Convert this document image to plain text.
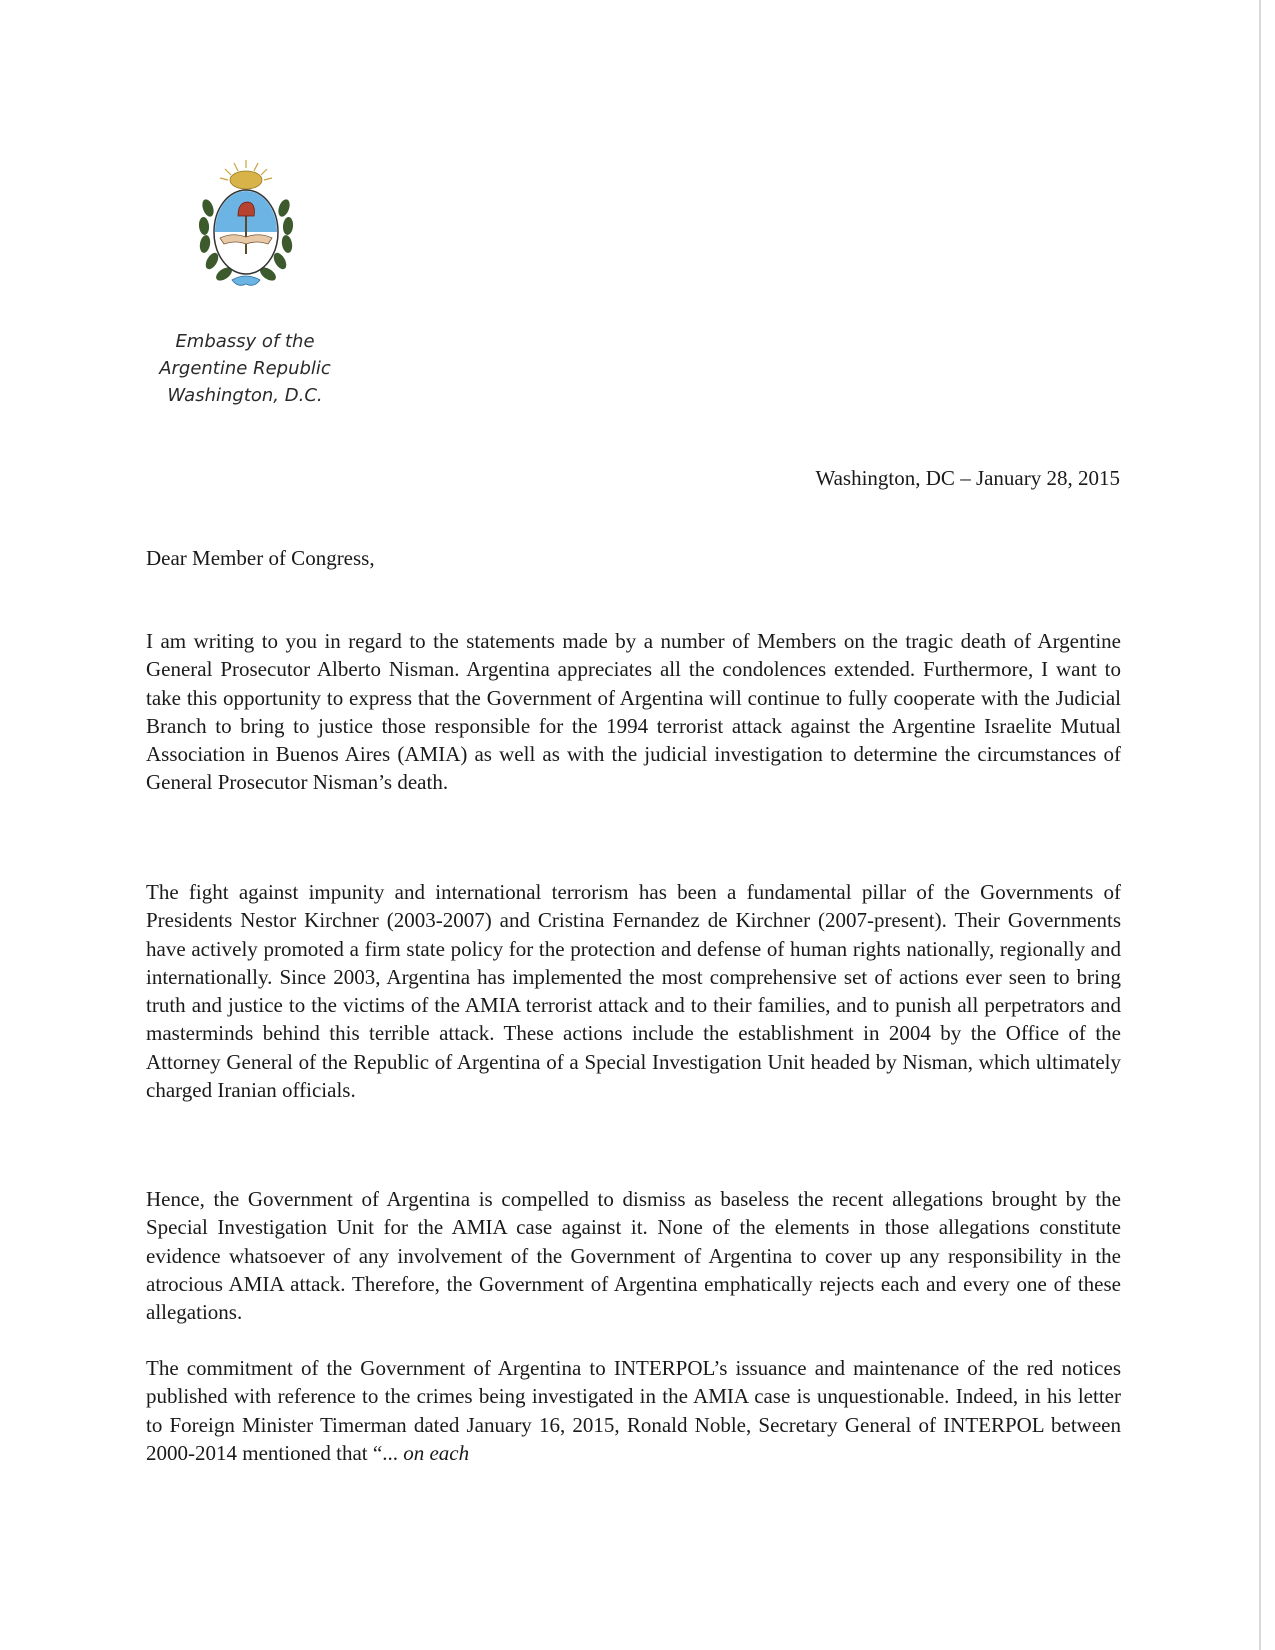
Embassy of the
Argentine Republic
Washington, D.C.
Washington, DC – January 28, 2015
Dear Member of Congress,

I am writing to you in regard to the statements made by a number of Members on the tragic death of Argentine General Prosecutor Alberto Nisman. Argentina appreciates all the condolences extended. Furthermore, I want to take this opportunity to express that the Government of Argentina will continue to fully cooperate with the Judicial Branch to bring to justice those responsible for the 1994 terrorist attack against the Argentine Israelite Mutual Association in Buenos Aires (AMIA) as well as with the judicial investigation to determine the circumstances of General Prosecutor Nisman’s death.

The fight against impunity and international terrorism has been a fundamental pillar of the Governments of Presidents Nestor Kirchner (2003-2007) and Cristina Fernandez de Kirchner (2007-present). Their Governments have actively promoted a firm state policy for the protection and defense of human rights nationally, regionally and internationally. Since 2003, Argentina has implemented the most comprehensive set of actions ever seen to bring truth and justice to the victims of the AMIA terrorist attack and to their families, and to punish all perpetrators and masterminds behind this terrible attack. These actions include the establishment in 2004 by the Office of the Attorney General of the Republic of Argentina of a Special Investigation Unit headed by Nisman, which ultimately charged Iranian officials.

Hence, the Government of Argentina is compelled to dismiss as baseless the recent allegations brought by the Special Investigation Unit for the AMIA case against it. None of the elements in those allegations constitute evidence whatsoever of any involvement of the Government of Argentina to cover up any responsibility in the atrocious AMIA attack. Therefore, the Government of Argentina emphatically rejects each and every one of these allegations.

The commitment of the Government of Argentina to INTERPOL’s issuance and maintenance of the red notices published with reference to the crimes being investigated in the AMIA case is unquestionable. Indeed, in his letter to Foreign Minister Timerman dated January 16, 2015, Ronald Noble, Secretary General of INTERPOL between 2000-2014 mentioned that “... on each
